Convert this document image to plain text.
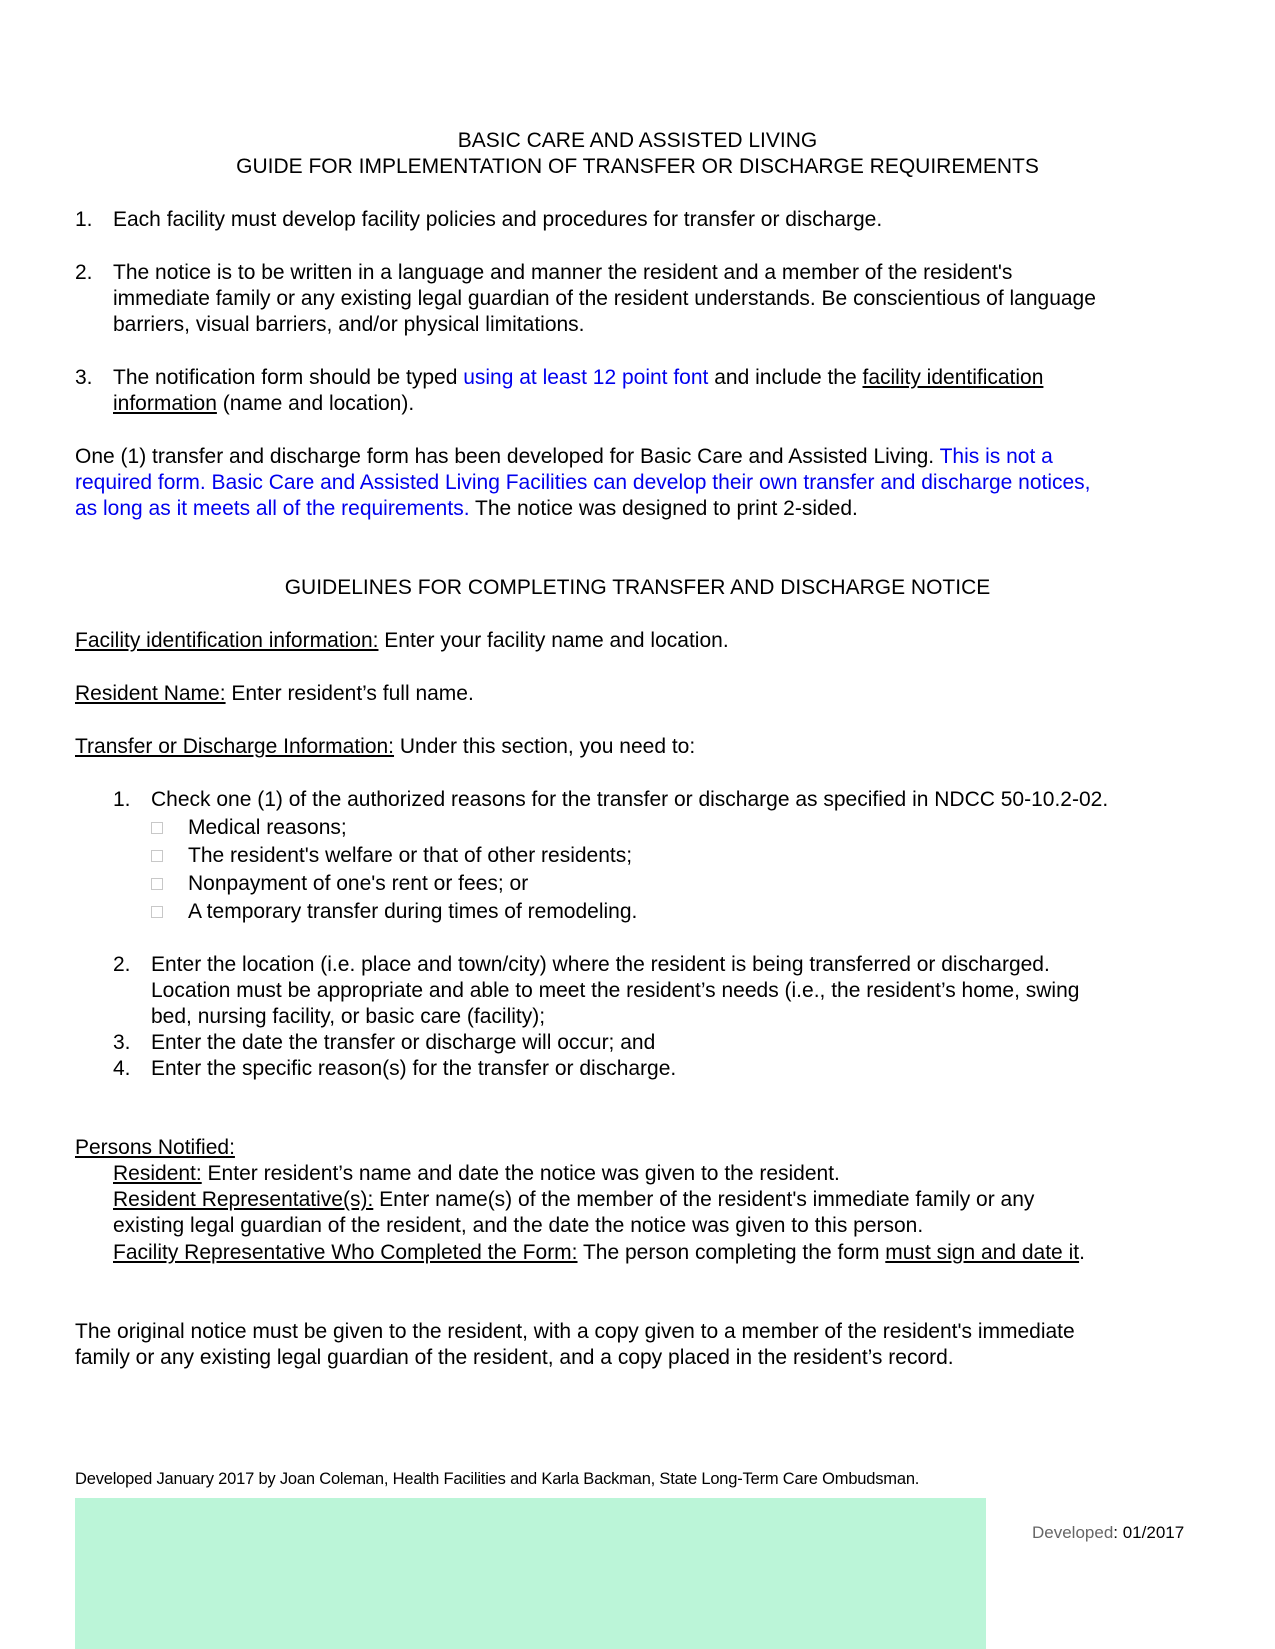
BASIC CARE AND ASSISTED LIVING
GUIDE FOR IMPLEMENTATION OF TRANSFER OR DISCHARGE REQUIREMENTS
1. Each facility must develop facility policies and procedures for transfer or discharge.
2. The notice is to be written in a language and manner the resident and a member of the resident's
immediate family or any existing legal guardian of the resident understands. Be conscientious of language
barriers, visual barriers, and/or physical limitations.
3. The notification form should be typed using at least 12 point font and include the facility identification
information (name and location).
One (1) transfer and discharge form has been developed for Basic Care and Assisted Living. This is not a
required form. Basic Care and Assisted Living Facilities can develop their own transfer and discharge notices,
as long as it meets all of the requirements. The notice was designed to print 2-sided.
GUIDELINES FOR COMPLETING TRANSFER AND DISCHARGE NOTICE
Facility identification information: Enter your facility name and location.
Resident Name: Enter resident’s full name.
Transfer or Discharge Information: Under this section, you need to:
1. Check one (1) of the authorized reasons for the transfer or discharge as specified in NDCC 50-10.2-02.
Medical reasons;
The resident's welfare or that of other residents;
Nonpayment of one's rent or fees; or
A temporary transfer during times of remodeling.
2. Enter the location (i.e. place and town/city) where the resident is being transferred or discharged.
Location must be appropriate and able to meet the resident’s needs (i.e., the resident’s home, swing
bed, nursing facility, or basic care (facility);
3. Enter the date the transfer or discharge will occur; and
4. Enter the specific reason(s) for the transfer or discharge.
Persons Notified:
Resident: Enter resident’s name and date the notice was given to the resident.
Resident Representative(s): Enter name(s) of the member of the resident's immediate family or any
existing legal guardian of the resident, and the date the notice was given to this person.
Facility Representative Who Completed the Form: The person completing the form must sign and date it.
The original notice must be given to the resident, with a copy given to a member of the resident's immediate
family or any existing legal guardian of the resident, and a copy placed in the resident’s record.
Developed January 2017 by Joan Coleman, Health Facilities and Karla Backman, State Long-Term Care Ombudsman.
Developed: 01/2017
